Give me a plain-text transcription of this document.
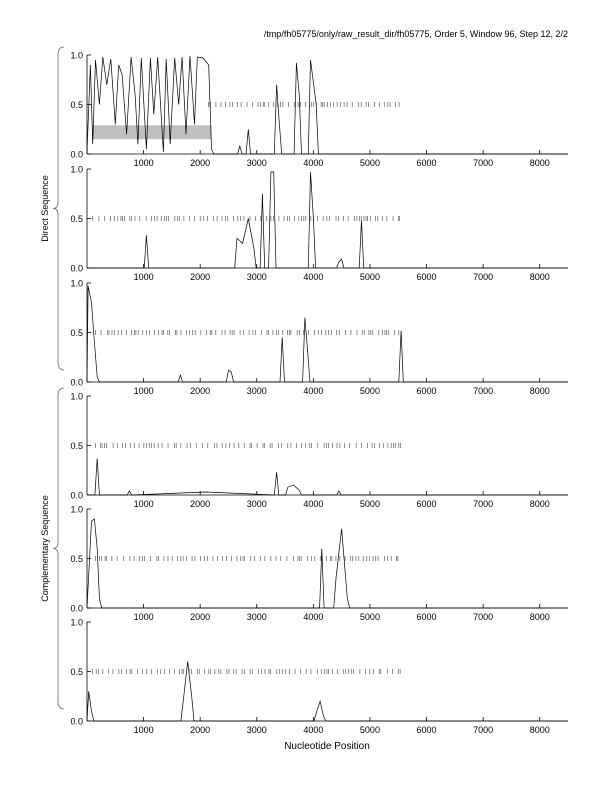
/tmp/fh05775/only/raw_result_dir/fh05775, Order 5, Window 96, Step 12, 2/2
Nucleotide Position
0.0
0.5
1.0
1000	2000	3000	4000	5000	6000	7000	8000
0.0
0.5
1.0
1000	2000	3000	4000	5000	6000	7000	8000
0.0
0.5
1.0
1000	2000	3000	4000	5000	6000	7000	8000
0.0
0.5
1.0
1000	2000	3000	4000	5000	6000	7000	8000
0.0
0.5
1.0
1000	2000	3000	4000	5000	6000	7000	8000
0.0
0.5
1.0
1000	2000	3000	4000	5000	6000	7000	8000
Direct Sequence
Complementary Sequence
